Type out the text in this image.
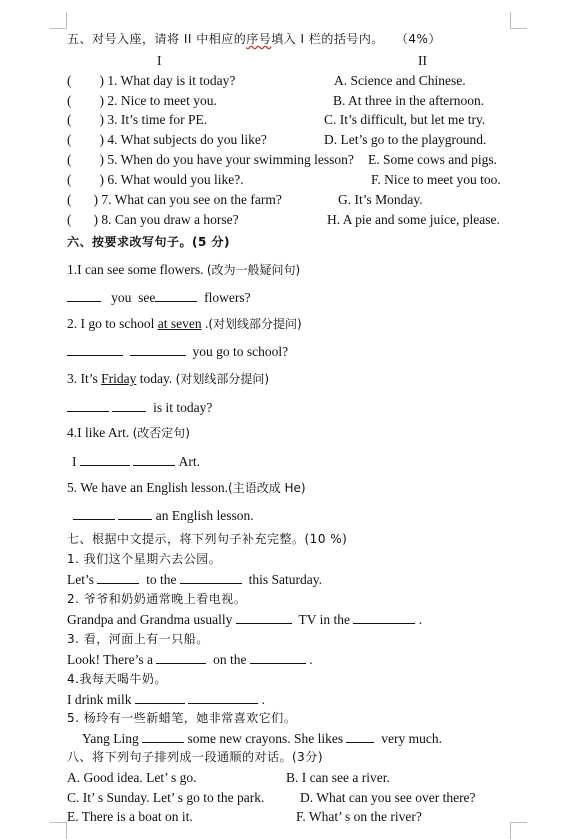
五、对号入座，请将 II 中相应的序号填入 I 栏的括号内。 （4%）
I	II
( ) 1. What day is it today?	A. Science and Chinese.
( ) 2. Nice to meet you.	B. At three in the afternoon.
( ) 3. It’s time for PE.	C. It’s difficult, but let me try.
( ) 4. What subjects do you like?	D. Let’s go to the playground.
( ) 5. When do you have your swimming lesson? E. Some cows and pigs.
( ) 6. What would you like?.	F. Nice to meet you too.
( ) 7. What can you see on the farm?	G. It’s Monday.
( ) 8. Can you draw a horse?	H. A pie and some juice, please.
六、按要求改写句子。(5 分)
1.I can see some flowers. (改为一般疑问句)
you see	flowers?
2. I go to school at seven .(对划线部分提问)
you go to school?
3. It’s Friday today. (对划线部分提问)
is it today?
4.I like Art. (改否定句)
I	Art.
5. We have an English lesson.(主语改成 He)
an English lesson.
七、根据中文提示，将下列句子补充完整。(10 %)
1. 我们这个星期六去公园。
Let’s	to the	this Saturday.
2. 爷爷和奶奶通常晚上看电视。
Grandpa and Grandma usually	TV in the	.
3. 看，河面上有一只船。
Look! There’s a	on the	.
4.我每天喝牛奶。
I drink milk	.
5. 杨玲有一些新蜡笔，她非常喜欢它们。
Yang Ling	some new crayons. She likes	very much.
八、将下列句子排列成一段通顺的对话。(3分)
A. Good idea. Let’ s go.	B. I can see a river.
C. It’ s Sunday. Let’ s go to the park.	D. What can you see over there?
E. There is a boat on it.	F. What’ s on the river?
